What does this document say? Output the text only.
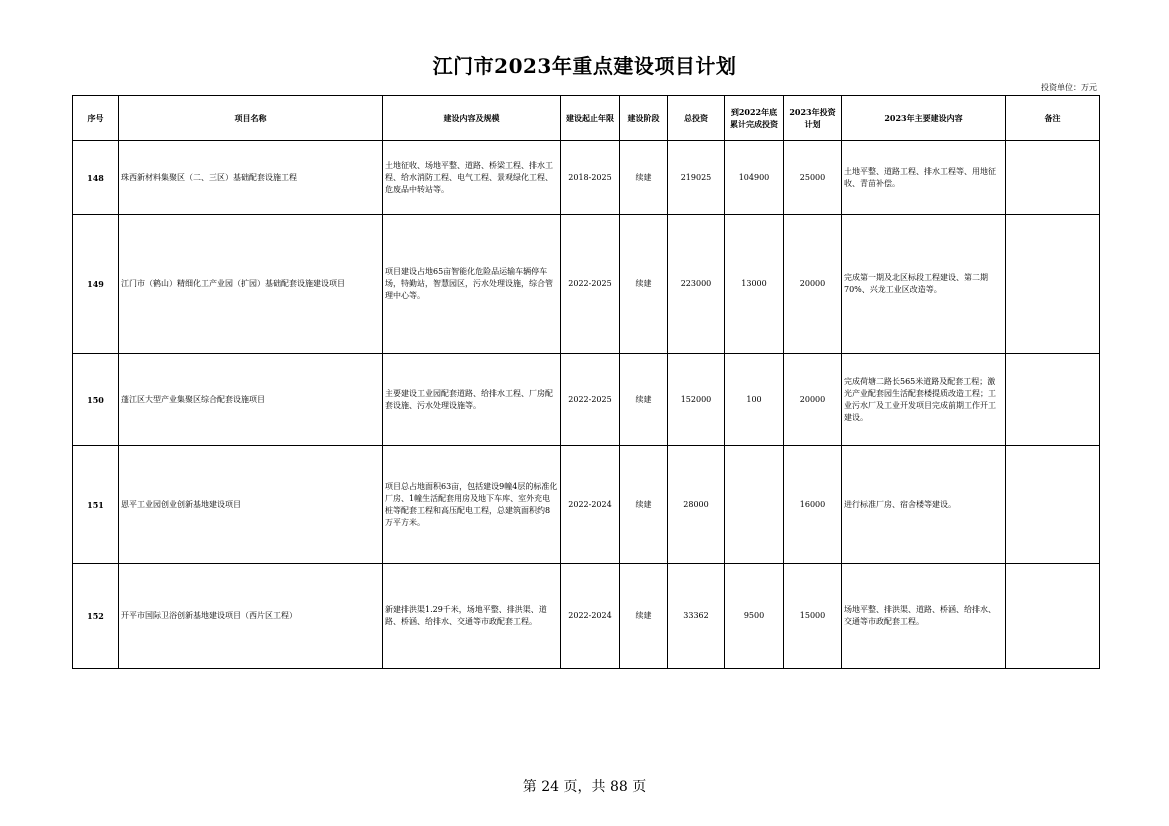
江门市2023年重点建设项目计划
投资单位：万元
序号	项目名称	建设内容及规模	建设起止年限	建设阶段	总投资	到2022年底累计完成投资	2023年投资计划	2023年主要建设内容	备注
148	珠西新材料集聚区（二、三区）基础配套设施工程	土地征收、场地平整、道路、桥梁工程、排水工程、给水消防工程、电气工程、景观绿化工程、危废品中转站等。	2018-2025	续建	219025	104900	25000	土地平整、道路工程、排水工程等、用地征收、青苗补偿。	
149	江门市（鹤山）精细化工产业园（扩园）基础配套设施建设项目	项目建设占地65亩智能化危险品运输车辆停车场，特勤站，智慧园区，污水处理设施，综合管理中心等。	2022-2025	续建	223000	13000	20000	完成第一期及北区标段工程建设、第二期70%、兴龙工业区改造等。	
150	蓬江区大型产业集聚区综合配套设施项目	主要建设工业园配套道路、给排水工程、厂房配套设施、污水处理设施等。	2022-2025	续建	152000	100	20000	完成荷塘二路长565米道路及配套工程；激光产业配套园生活配套楼提质改造工程；工业污水厂及工业开发项目完成前期工作开工建设。	
151	恩平工业园创业创新基地建设项目	项目总占地面积63亩，包括建设9幢4层的标准化厂房、1幢生活配套用房及地下车库、室外充电桩等配套工程和高压配电工程，总建筑面积约8万平方米。	2022-2024	续建	28000		16000	进行标准厂房、宿舍楼等建设。	
152	开平市国际卫浴创新基地建设项目（西片区工程）	新建排洪渠1.29千米，场地平整、排洪渠、道路、桥涵、给排水、交通等市政配套工程。	2022-2024	续建	33362	9500	15000	场地平整、排洪渠、道路、桥涵、给排水、交通等市政配套工程。	
第 24 页，共 88 页
